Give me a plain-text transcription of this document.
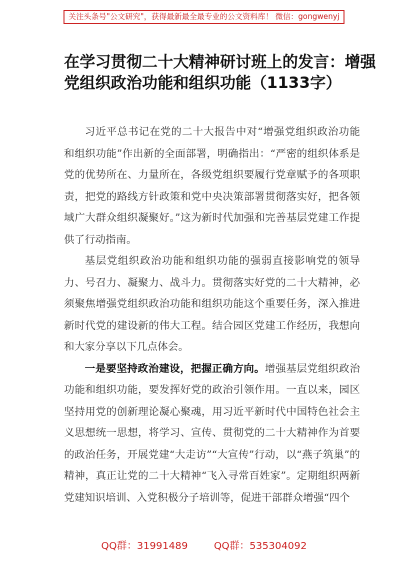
关注头条号"公文研究"，获得最新最全最专业的公文资料库！ 微信：gongwenyj
在学习贯彻二十大精神研讨班上的发言：增强党组织政治功能和组织功能（1133字）

习近平总书记在党的二十大报告中对“增强党组织政治功能和组织功能”作出新的全面部署，明确指出：“严密的组织体系是党的优势所在、力量所在，各级党组织要履行党章赋予的各项职责，把党的路线方针政策和党中央决策部署贯彻落实好，把各领域广大群众组织凝聚好。”这为新时代加强和完善基层党建工作提供了行动指南。

基层党组织政治功能和组织功能的强弱直接影响党的领导力、号召力、凝聚力、战斗力。贯彻落实好党的二十大精神，必须聚焦增强党组织政治功能和组织功能这个重要任务，深入推进新时代党的建设新的伟大工程。结合园区党建工作经历，我想向和大家分享以下几点体会。

一是要坚持政治建设，把握正确方向。增强基层党组织政治功能和组织功能，要发挥好党的政治引领作用。一直以来，园区坚持用党的创新理论凝心聚魂，用习近平新时代中国特色社会主义思想统一思想，将学习、宣传、贯彻党的二十大精神作为首要的政治任务，开展党建“大走访”“大宣传”行动，以“燕子筑巢”的精神，真正让党的二十大精神“飞入寻常百姓家”。定期组织两新党建知识培训、入党积极分子培训等，促进干部群众增强“四个

QQ群：31991489	QQ群：535304092
